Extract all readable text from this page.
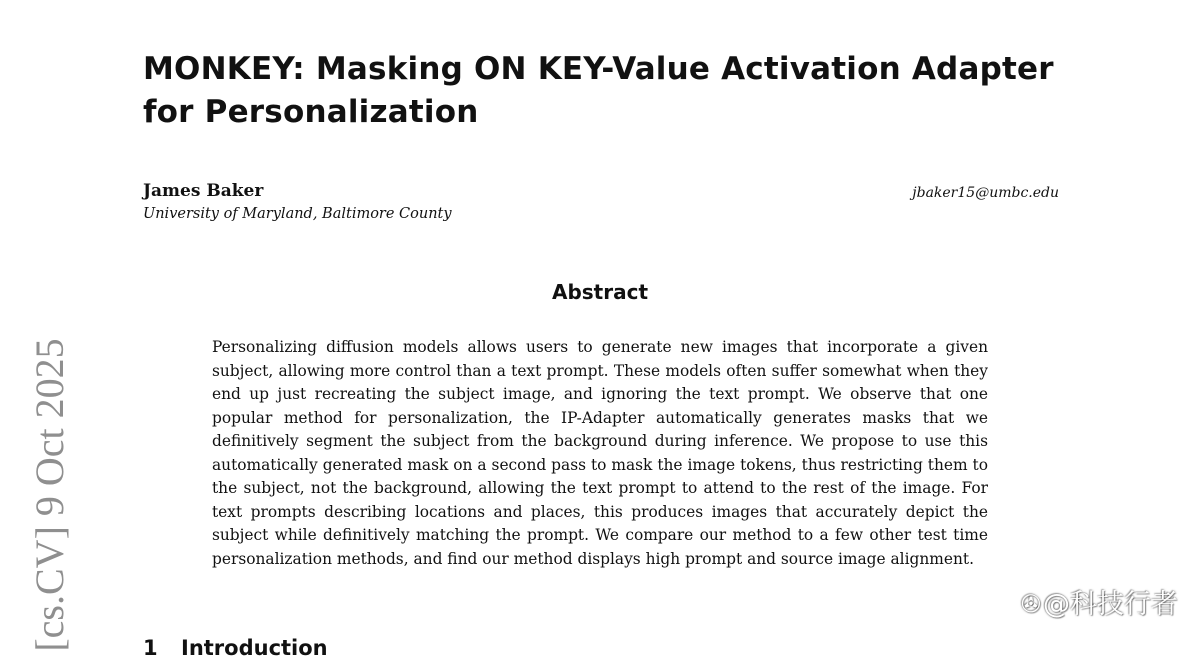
MONKEY: Masking ON KEY-Value Activation Adapter for Personalization
James Baker
University of Maryland, Baltimore County
jbaker15@umbc.edu
Abstract

Personalizing diffusion models allows users to generate new images that incorporate a given subject, allowing more control than a text prompt. These models often suffer somewhat when they end up just recreating the subject image, and ignoring the text prompt. We observe that one popular method for personalization, the IP-Adapter automatically generates masks that we definitively segment the subject from the background during inference. We propose to use this automatically generated mask on a second pass to mask the image tokens, thus restricting them to the subject, not the background, allowing the text prompt to attend to the rest of the image. For text prompts describing locations and places, this produces images that accurately depict the subject while definitively matching the prompt. We compare our method to a few other test time personalization methods, and find our method displays high prompt and source image alignment.

1 Introduction
[cs.CV] 9 Oct 2025	✇@科技行者
